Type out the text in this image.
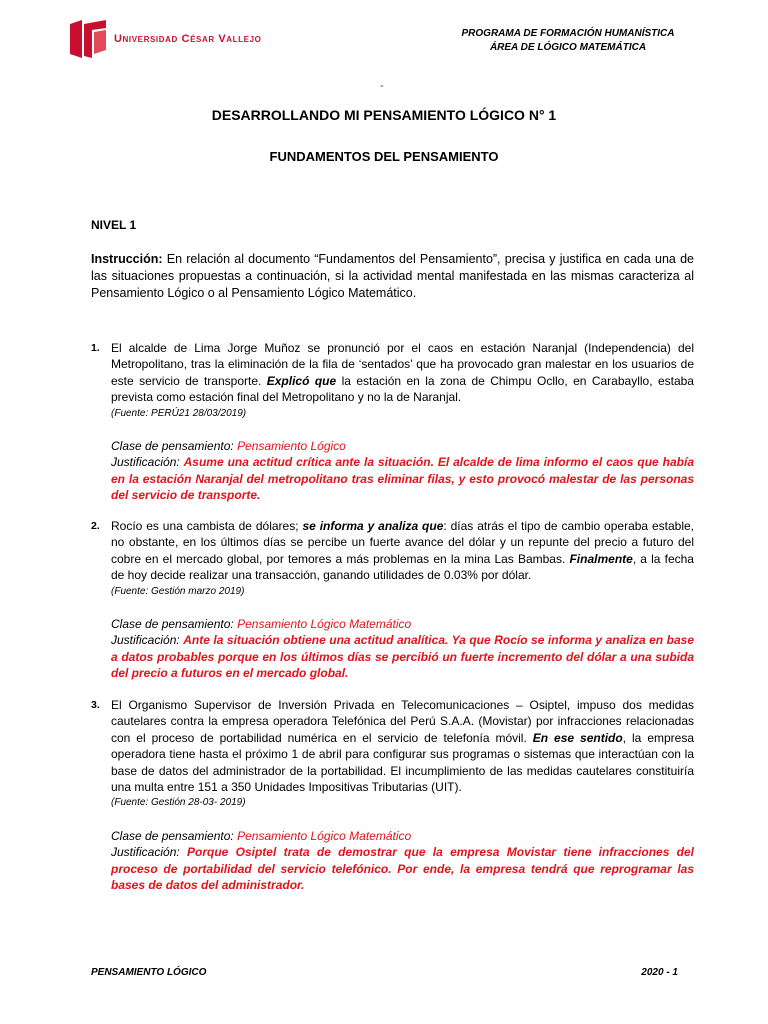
Universidad César Vallejo	PROGRAMA DE FORMACIÓN HUMANÍSTICA
ÁREA DE LÓGICO MATEMÁTICA
-
DESARROLLANDO MI PENSAMIENTO LÓGICO N° 1
FUNDAMENTOS DEL PENSAMIENTO
NIVEL 1
Instrucción: En relación al documento “Fundamentos del Pensamiento”, precisa y justifica en cada una de las situaciones propuestas a continuación, si la actividad mental manifestada en las mismas caracteriza al Pensamiento Lógico o al Pensamiento Lógico Matemático.
1. El alcalde de Lima Jorge Muñoz se pronunció por el caos en estación Naranjal (Independencia) del Metropolitano, tras la eliminación de la fila de ‘sentados’ que ha provocado gran malestar en los usuarios de este servicio de transporte. Explicó que la estación en la zona de Chimpu Ocllo, en Carabayllo, estaba prevista como estación final del Metropolitano y no la de Naranjal.
(Fuente: PERÚ21 28/03/2019)
Clase de pensamiento: Pensamiento Lógico
Justificación: Asume una actitud crítica ante la situación. El alcalde de lima informo el caos que había en la estación Naranjal del metropolitano tras eliminar filas, y esto provocó malestar de las personas del servicio de transporte.
2. Rocío es una cambista de dólares; se informa y analiza que: días atrás el tipo de cambio operaba estable, no obstante, en los últimos días se percibe un fuerte avance del dólar y un repunte del precio a futuro del cobre en el mercado global, por temores a más problemas en la mina Las Bambas. Finalmente, a la fecha de hoy decide realizar una transacción, ganando utilidades de 0.03% por dólar.
(Fuente: Gestión marzo 2019)
Clase de pensamiento: Pensamiento Lógico Matemático
Justificación: Ante la situación obtiene una actitud analítica. Ya que Rocío se informa y analiza en base a datos probables porque en los últimos días se percibió un fuerte incremento del dólar a una subida del precio a futuros en el mercado global.
3. El Organismo Supervisor de Inversión Privada en Telecomunicaciones – Osiptel, impuso dos medidas cautelares contra la empresa operadora Telefónica del Perú S.A.A. (Movistar) por infracciones relacionadas con el proceso de portabilidad numérica en el servicio de telefonía móvil. En ese sentido, la empresa operadora tiene hasta el próximo 1 de abril para configurar sus programas o sistemas que interactúan con la base de datos del administrador de la portabilidad. El incumplimiento de las medidas cautelares constituiría una multa entre 151 a 350 Unidades Impositivas Tributarias (UIT).
(Fuente: Gestión 28-03- 2019)
Clase de pensamiento: Pensamiento Lógico Matemático
Justificación: Porque Osiptel trata de demostrar que la empresa Movistar tiene infracciones del proceso de portabilidad del servicio telefónico. Por ende, la empresa tendrá que reprogramar las bases de datos del administrador.
PENSAMIENTO LÓGICO	2020 - 1
